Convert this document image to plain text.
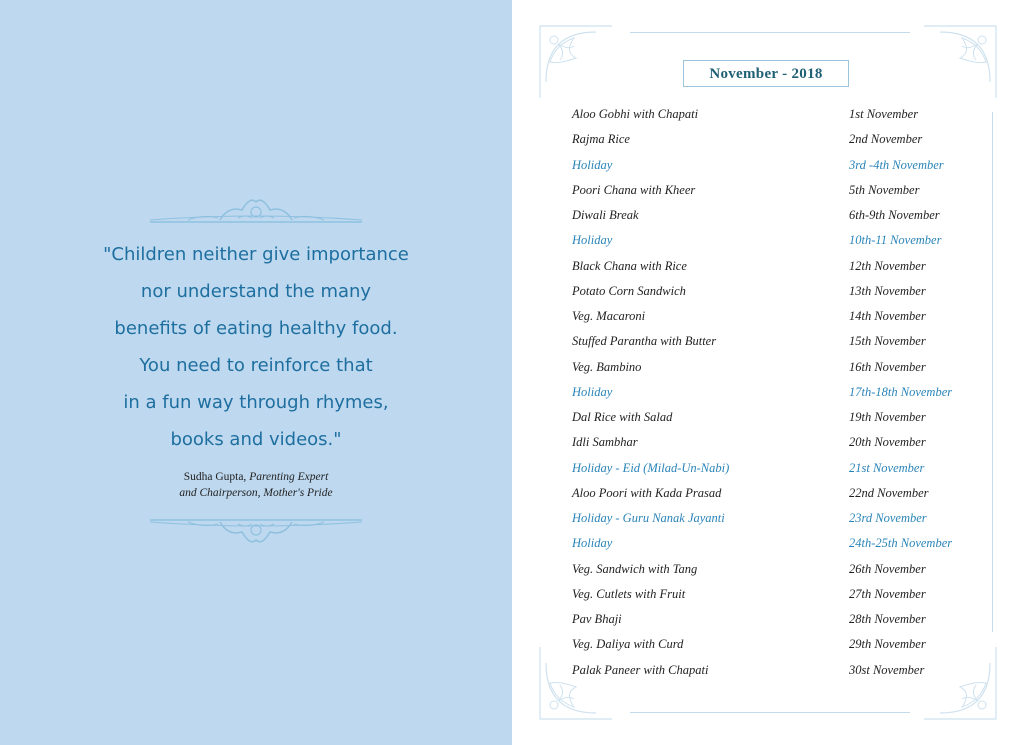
"Children neither give importance
nor understand the many
benefits of eating healthy food.
You need to reinforce that
in a fun way through rhymes,
books and videos."
Sudha Gupta, Parenting Expert
and Chairperson, Mother's Pride
November - 2018
Aloo Gobhi with Chapati	1st November
Rajma Rice	2nd November
Holiday	3rd -4th November
Poori Chana with Kheer	5th November
Diwali Break	6th-9th November
Holiday	10th-11 November
Black Chana with Rice	12th November
Potato Corn Sandwich	13th November
Veg. Macaroni	14th November
Stuffed Parantha with Butter	15th November
Veg. Bambino	16th November
Holiday	17th-18th November
Dal Rice with Salad	19th November
Idli Sambhar	20th November
Holiday - Eid (Milad-Un-Nabi)	21st November
Aloo Poori with Kada Prasad	22nd November
Holiday - Guru Nanak Jayanti	23rd November
Holiday	24th-25th November
Veg. Sandwich with Tang	26th November
Veg. Cutlets with Fruit	27th November
Pav Bhaji	28th November
Veg. Daliya with Curd	29th November
Palak Paneer with Chapati	30st November
